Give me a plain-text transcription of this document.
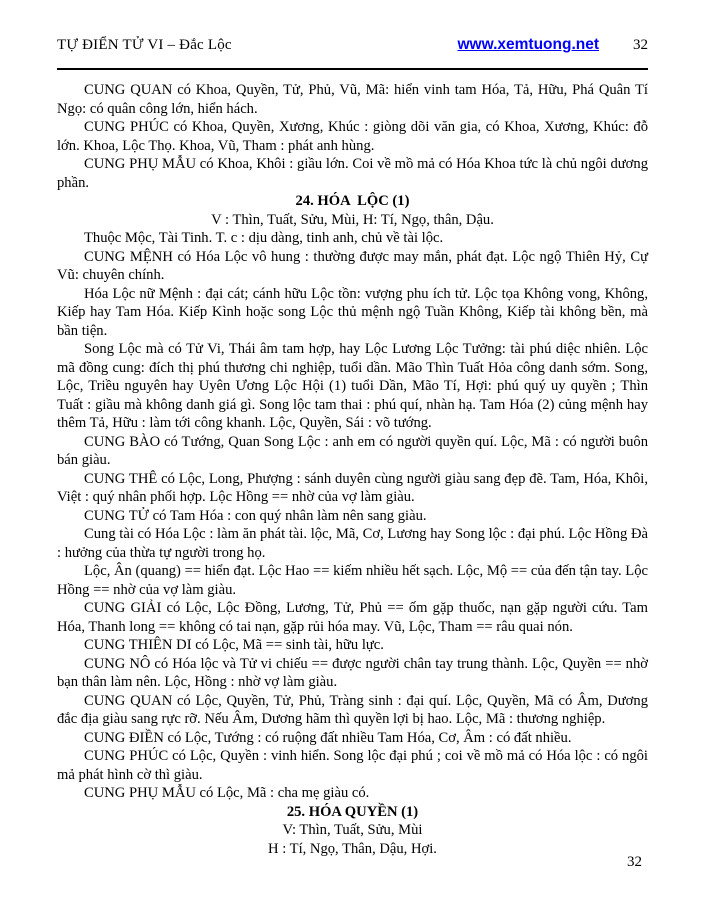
TỰ ĐIỂN TỬ VI – Đắc Lộc	www.xemtuong.net 32

CUNG QUAN có Khoa, Quyền, Tử, Phủ, Vũ, Mã: hiển vinh tam Hóa, Tả, Hữu, Phá Quân Tí Ngọ: có quân công lớn, hiển hách.

CUNG PHÚC có Khoa, Quyền, Xương, Khúc : giòng dõi văn gia, có Khoa, Xương, Khúc: đỗ lớn. Khoa, Lộc Thọ. Khoa, Vũ, Tham : phát anh hùng.

CUNG PHỤ MẪU có Khoa, Khôi : giầu lớn. Coi về mồ mả có Hóa Khoa tức là chủ ngôi dương phần.

24. HÓA  LỘC (1)

V : Thìn, Tuất, Sửu, Mùi, H: Tí, Ngọ, thân, Dậu.

Thuộc Mộc, Tài Tinh. T. c : dịu dàng, tinh anh, chủ về tài lộc.

CUNG MỆNH có Hóa Lộc vô hung : thường được may mắn, phát đạt. Lộc ngộ Thiên Hỷ, Cự Vũ: chuyên chính.

Hóa Lộc nữ Mệnh : đại cát; cánh hữu Lộc tồn: vượng phu ích tử. Lộc tọa Không vong, Không, Kiếp hay Tam Hóa. Kiếp Kình hoặc song Lộc thủ mệnh ngộ Tuần Không, Kiếp tài không bền, mà bần tiện.

Song Lộc mà có Tử Vi, Thái âm tam hợp, hay Lộc Lương Lộc Tưởng: tài phú diệc nhiên. Lộc mã đồng cung: đích thị phú thương chi nghiệp, tuổi dần. Mão Thìn Tuất Hỏa công danh sớm. Song, Lộc, Triều nguyên hay Uyên Ương Lộc Hội (1) tuổi Dần, Mão Tí, Hợi: phú quý uy quyền ; Thìn Tuất : giầu mà không danh giá gì. Song lộc tam thai : phú quí, nhàn hạ. Tam Hóa (2) củng mệnh hay thêm Tả, Hữu : làm tới công khanh. Lộc, Quyền, Sái : võ tướng.

CUNG BÀO có Tướng, Quan Song Lộc : anh em có người quyền quí. Lộc, Mã : có người buôn bán giàu.

CUNG THÊ có Lộc, Long, Phượng : sánh duyên cùng người giàu sang đẹp đẽ. Tam, Hóa, Khôi, Việt : quý nhân phối hợp. Lộc Hồng == nhờ của vợ làm giàu.

CUNG TỬ có Tam Hóa : con quý nhân làm nên sang giàu.

Cung tài có Hóa Lộc : làm ăn phát tài. lộc, Mã, Cơ, Lương hay Song lộc : đại phú. Lộc Hồng Đà : hưởng của thừa tự người trong họ.

Lộc, Ân (quang) == hiển đạt. Lộc Hao == kiếm nhiều hết sạch. Lộc, Mộ == của đến tận tay. Lộc Hồng == nhờ của vợ làm giàu.

CUNG GIẢI có Lộc, Lộc Đồng, Lương, Tử, Phủ == ốm gặp thuốc, nạn gặp người cứu. Tam Hóa, Thanh long == không có tai nạn, gặp rủi hóa may. Vũ, Lộc, Tham == râu quai nón.

CUNG THIÊN DI có Lộc, Mã == sinh tài, hữu lực.

CUNG NÔ có Hóa lộc và Tử vi chiếu == được người chân tay trung thành. Lộc, Quyền == nhờ bạn thân làm nên. Lộc, Hồng : nhờ vợ làm giàu.

CUNG QUAN có Lộc, Quyền, Tử, Phủ, Tràng sinh : đại quí. Lộc, Quyền, Mã có Âm, Dương đắc địa giàu sang rực rỡ. Nếu Âm, Dương hãm thì quyền lợi bị hao. Lộc, Mã : thương nghiệp.

CUNG ĐIỀN có Lộc, Tướng : có ruộng đất nhiều Tam Hóa, Cơ, Âm : có đất nhiều.

CUNG PHÚC có Lộc, Quyền : vinh hiển. Song lộc đại phú ; coi về mồ mả có Hóa lộc : có ngôi mả phát hình cờ thì giàu.

CUNG PHỤ MẪU có Lộc, Mã : cha mẹ giàu có.

25. HÓA QUYỀN (1)

V: Thìn, Tuất, Sửu, Mùi

H : Tí, Ngọ, Thân, Dậu, Hợi.

32
